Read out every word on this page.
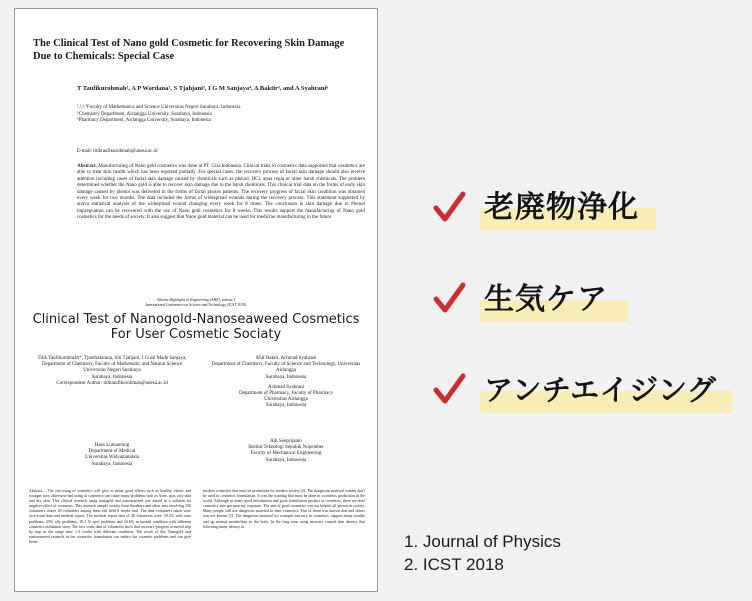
The Clinical Test of Nano gold Cosmetic for Recovering Skin Damage Due to Chemicals: Special Case
T Taufikurohmah¹, A P Wardana², S Tjahjani³, I G M Sanjaya⁴, A Baktir⁵, and A Syahrani⁶
¹,²,³,⁴Faculty of Mathematics and Science Universitas Negeri Surabaya, Indonesia
⁵Chemistry Department, Airlangga University, Surabaya, Indonesia
⁶Pharmacy Department, Airlangga University, Surabaya, Indonesia
E-mail: titiktaufikurohmah@unesa.ac.id
Abstract. Manufacturing of Nano gold cosmetics was done at PT. Gizi Indonesia. Clinical trials to cosmetics data supported that cosmetics are able to treat skin health which has been reported partially. For special cases, the recovery process of facial skin damage should also receive attention including cases of facial skin damage caused by chemicals such as phenol, HCl, aqua regia or other harsh chemicals. The problem determined whether the Nano gold is able to recover skin damage due to the harsh chemicals. This clinical trial data on the forms of early skin damage caused by phenol was delivered in the forms of facial photos patients. The recovery progress of facial skin condition was obtained every week for two months. The data included the forms of widespread wounds during the recovery process. This statement supported by anova statistical analysis of the widespread wound changing every week for 8 times. The conclusion is skin damage due to Phenol impregnation can be recovered with the use of Nano gold cosmetics for 8 weeks. This results support the manufacturing of Nano gold cosmetics for the needs of society. It also suggest that Nano gold material can be used for medicine manufacturing in the future.
Atlantis Highlights in Engineering (AHE), volume 1
International Conference on Science and Technology (ICST 2018)
Clinical Test of Nanogold-Nanoseaweed Cosmetics For User Cosmetic Sociaty
Titik Taufikurohmah*, Tjandrakirana, Siti Tjahjani, I Gusti Made Sanjaya,
Department of Chemistry, Faculty of Mathematic and Natural Science
Universitas Negeri Surabaya
Surabaya, Indonesia
Correspondent Author: titiktaufikurohmah@unesa.ac.id
Afaf Baktir, Achmad Syahrani
Department of Chemistry, Faculty of Science and Technology, Universitas Airlangga
Surabaya, Indonesia
Achmad Syahrani
Department of Pharmacy, Faculty of Pharmacy
Universitas Airlangga
Surabaya, Indonesia
Hans Lumantung
Department of Medical
Universitas Widyamandala
Surabaya, Indonesia
Adi Soeprijanto
Institut Teknologi Sepuluh Nopember
Faculty of Mechanical Engineering
Surabaya, Indonesia
Abstract— The rise using of cosmetics will give so many good effects such as healthy, elastic and younger face, otherwise bad using of cosmetics can cause many problems such as Acne, spot, oily skin and dry skin. This clinical research using nanogold and nanoseaweed was aimed as a solution for negative effect of cosmetics. This research sample society from Surabaya and other area involving 256 volunteers where 48 volunteers among them fall field 8 weeks trail. The data volunteers taken were face-scant data and medical report. The medical report data of 48 volunteers were: 29.2% with acne problems, 25% oily problems, 29.2 % spot problems and 16.6% in normal condition with different cosmetics utilization story. The face scant data of volunteers show that recovery progress occurred step by step in the range time 1-4 weeks with different condition. The result of this Nanogold and nanoseaweed research in the cosmetics formulation can reduce the cosmetic problems and can give better
modern cosmetics that must be production for modern society [2]. The dangerous material content don't be used in cosmetics formulation. It was the warning that must be done in cosmetics production in the world. Although so many good information and good formulation product in cosmetics, there are steel cosmetics user get mercury exposure. The aim of good cosmetics was not helpful all person in society. Many people still use dangerous material in their cosmetics. Part of them was known that and others was not known [1]. The dangerous material for example mercury in cosmetics, support many trouble and up normal metabolism in the body. In the long time using mercury caused skin destroy that following many destroy in
老廃物浄化
生気ケア
アンチエイジング
1. Journal of Physics
2. ICST 2018
